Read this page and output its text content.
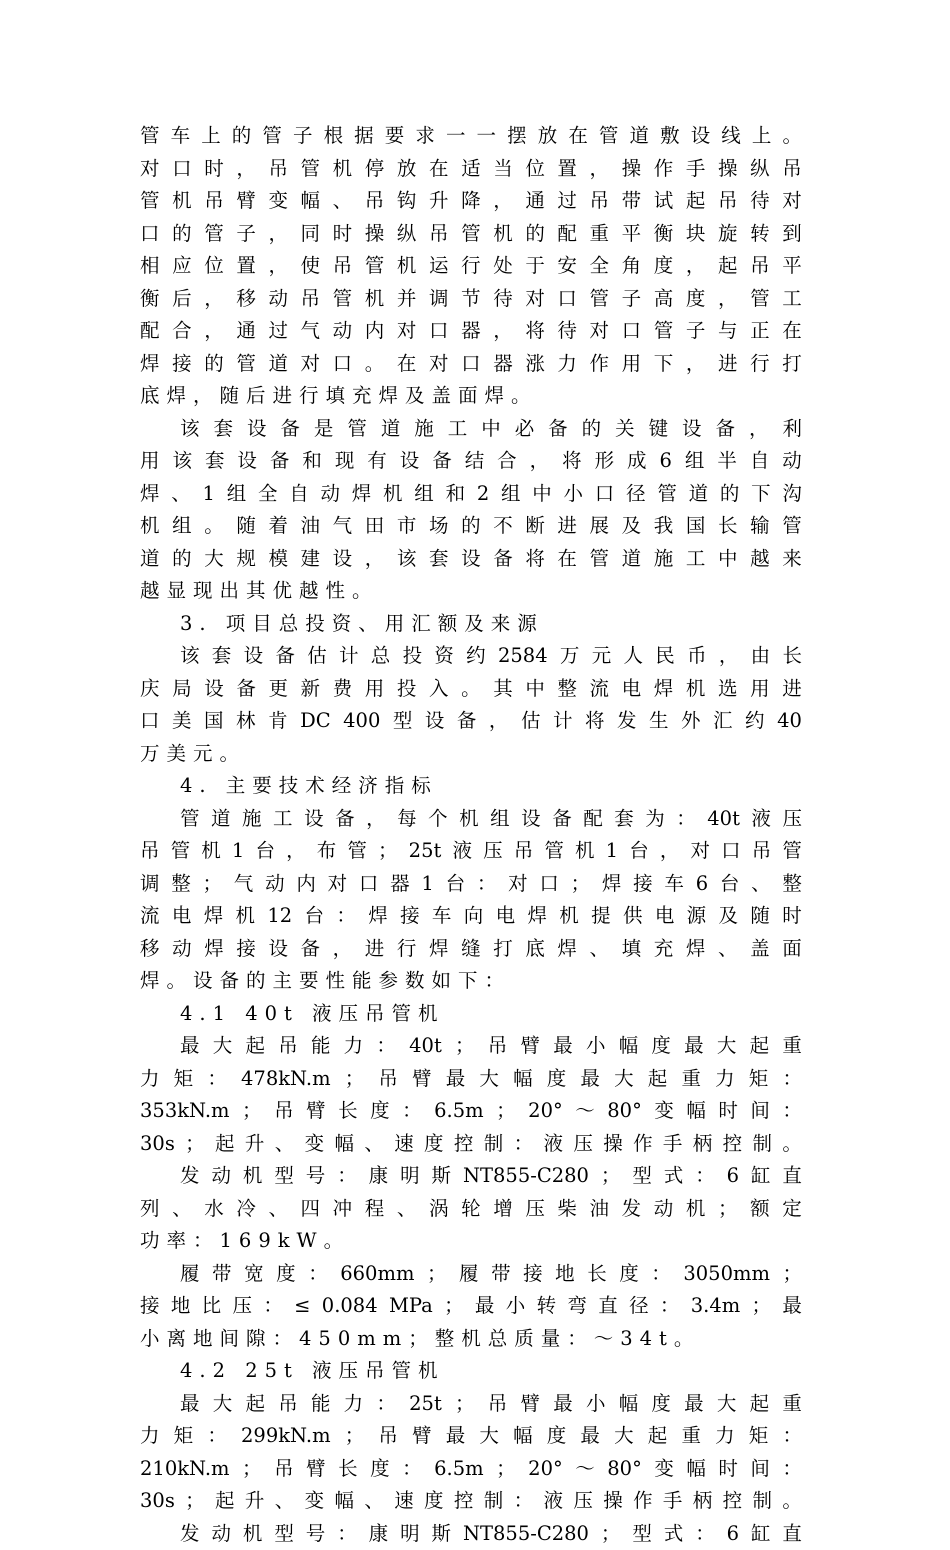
管 车 上 的 管 子 根 据 要 求 一 一 摆 放 在 管 道 敷 设 线 上 。
对 口 时 ， 吊 管 机 停 放 在 适 当 位 置 ， 操 作 手 操 纵 吊
管 机 吊 臂 变 幅 、 吊 钩 升 降 ， 通 过 吊 带 试 起 吊 待 对
口 的 管 子 ， 同 时 操 纵 吊 管 机 的 配 重 平 衡 块 旋 转 到
相 应 位 置 ， 使 吊 管 机 运 行 处 于 安 全 角 度 ， 起 吊 平
衡 后 ， 移 动 吊 管 机 并 调 节 待 对 口 管 子 高 度 ， 管 工
配 合 ， 通 过 气 动 内 对 口 器 ， 将 待 对 口 管 子 与 正 在
焊 接 的 管 道 对 口 。 在 对 口 器 涨 力 作 用 下 ， 进 行 打
底焊，随后进行填充焊及盖面焊。
该 套 设 备 是 管 道 施 工 中 必 备 的 关 键 设 备 ， 利
用 该 套 设 备 和 现 有 设 备 结 合 ， 将 形 成 6 组 半 自 动
焊 、 1 组 全 自 动 焊 机 组 和 2 组 中 小 口 径 管 道 的 下 沟
机 组 。 随 着 油 气 田 市 场 的 不 断 进 展 及 我 国 长 输 管
道 的 大 规 模 建 设 ， 该 套 设 备 将 在 管 道 施 工 中 越 来
越显现出其优越性。
3. 项目总投资、用汇额及来源
该 套 设 备 估 计 总 投 资 约 2584 万 元 人 民 币 ， 由 长
庆 局 设 备 更 新 费 用 投 入 。 其 中 整 流 电 焊 机 选 用 进
口 美 国 林 肯 DC 400 型 设 备 ， 估 计 将 发 生 外 汇 约 40
万美元。
4. 主要技术经济指标
管 道 施 工 设 备 ， 每 个 机 组 设 备 配 套 为 ： 40t 液 压
吊 管 机 1 台 ， 布 管 ； 25t 液 压 吊 管 机 1 台 ， 对 口 吊 管
调 整 ； 气 动 内 对 口 器 1 台 ： 对 口 ； 焊 接 车 6 台 、 整
流 电 焊 机 12 台 ： 焊 接 车 向 电 焊 机 提 供 电 源 及 随 时
移 动 焊 接 设 备 ， 进 行 焊 缝 打 底 焊 、 填 充 焊 、 盖 面
焊。设备的主要性能参数如下：
4.1 40t 液压吊管机
最 大 起 吊 能 力 ： 40t ； 吊 臂 最 小 幅 度 最 大 起 重
力 矩 ： 478kN.m ； 吊 臂 最 大 幅 度 最 大 起 重 力 矩 ：
353kN.m ； 吊 臂 长 度 ： 6.5m ； 20° ～ 80° 变 幅 时 间 ：
30s ； 起 升 、 变 幅 、 速 度 控 制 ： 液 压 操 作 手 柄 控 制 。
发 动 机 型 号 ： 康 明 斯 NT855-C280 ； 型 式 ： 6 缸 直
列 、 水 冷 、 四 冲 程 、 涡 轮 增 压 柴 油 发 动 机 ； 额 定
功率：169kW。
履 带 宽 度 ： 660mm ； 履 带 接 地 长 度 ： 3050mm ；
接 地 比 压 ： ≤ 0.084 MPa ； 最 小 转 弯 直 径 ： 3.4m ； 最
小离地间隙：450mm；整机总质量：～34t。
4.2 25t 液压吊管机
最 大 起 吊 能 力 ： 25t ； 吊 臂 最 小 幅 度 最 大 起 重
力 矩 ： 299kN.m ； 吊 臂 最 大 幅 度 最 大 起 重 力 矩 ：
210kN.m ； 吊 臂 长 度 ： 6.5m ； 20° ～ 80° 变 幅 时 间 ：
30s ； 起 升 、 变 幅 、 速 度 控 制 ： 液 压 操 作 手 柄 控 制 。
发 动 机 型 号 ： 康 明 斯 NT855-C280 ； 型 式 ： 6 缸 直
